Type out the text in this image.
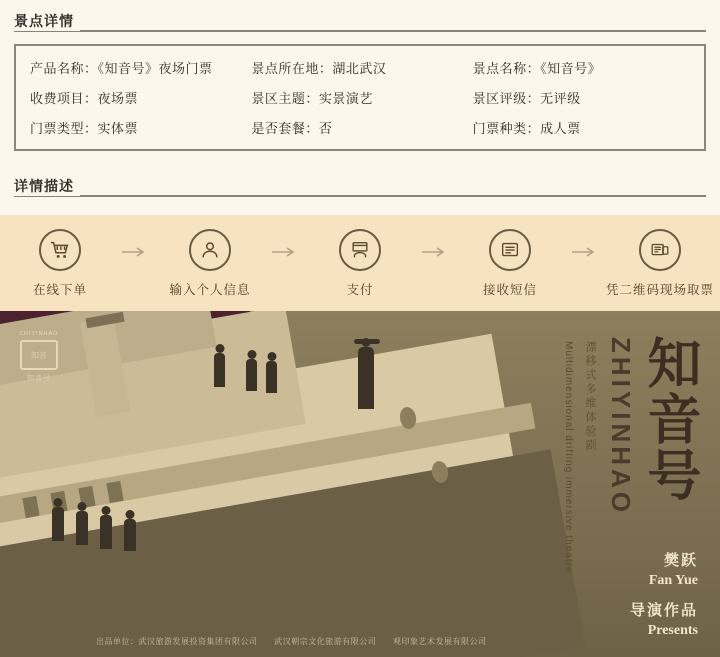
景点详情
产品名称：《知音号》夜场门票	景点所在地：湖北武汉	景点名称：《知音号》
收费项目：夜场票	景区主题：实景演艺	景区评级：无评级
门票类型：实体票	是否套餐：否	门票种类：成人票
详情描述
在线下单	输入个人信息	支付	接收短信	凭二维码现场取票
ZHIYINHAO
知音
知音号	知音号
ZHIYINHAO
漂移式多维体验剧
Multidimensional drifting immersive theatre	樊跃
Fan Yue
导演作品
Presents
出品单位：武汉旅游发展投资集团有限公司 武汉朝宗文化旅游有限公司 观印象艺术发展有限公司
